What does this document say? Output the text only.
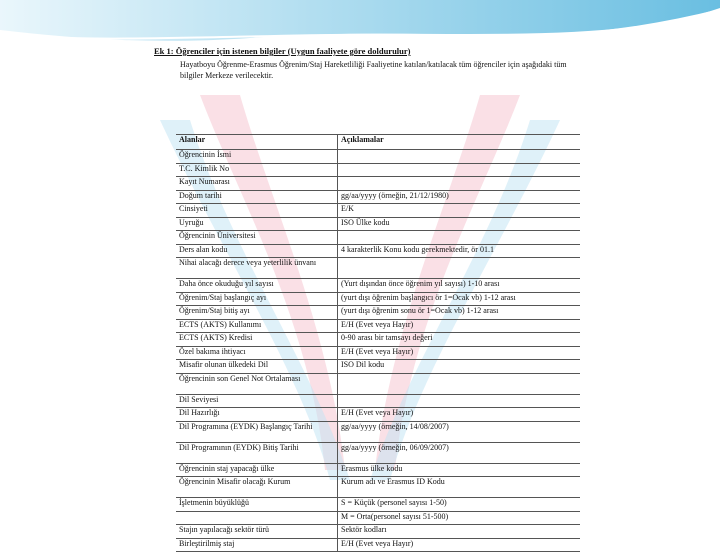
Ek 1: Öğrenciler için istenen bilgiler (Uygun faaliyete göre doldurulur)
Hayatboyu Öğrenme-Erasmus Öğrenim/Staj Hareketliliği Faaliyetine katılan/katılacak tüm öğrenciler için aşağıdaki tüm bilgiler Merkeze verilecektir.
Alanlar	Açıklamalar
Öğrencinin İsmi	
T.C. Kimlik No	
Kayıt Numarası	
Doğum tarihi	gg/aa/yyyy (örneğin, 21/12/1980)
Cinsiyeti	E/K
Uyruğu	ISO Ülke kodu
Öğrencinin Üniversitesi	
Ders alan kodu	4 karakterlik Konu kodu gerekmektedir, ör 01.1
Nihai alacağı derece veya yeterlilik ünvanı	
Daha önce okuduğu yıl sayısı	(Yurt dışından önce öğrenim yıl sayısı) 1-10 arası
Öğrenim/Staj başlangıç ayı	(yurt dışı öğrenim başlangıcı ör 1=Ocak vb) 1-12 arası
Öğrenim/Staj bitiş ayı	(yurt dışı öğrenim sonu ör 1=Ocak vb) 1-12 arası
ECTS (AKTS) Kullanımı	E/H (Evet veya Hayır)
ECTS (AKTS) Kredisi	0-90 arası bir tamsayı değeri
Özel bakıma ihtiyacı	E/H (Evet veya Hayır)
Misafir olunan ülkedeki Dil	ISO Dil kodu
Öğrencinin son Genel Not Ortalaması	
Dil Seviyesi	
Dil Hazırlığı	E/H (Evet veya Hayır)
Dil Programına (EYDK) Başlangıç Tarihi	gg/aa/yyyy (örneğin, 14/08/2007)
Dil Programının (EYDK) Bitiş Tarihi	gg/aa/yyyy (örneğin, 06/09/2007)
Öğrencinin staj yapacağı ülke	Erasmus ülke kodu
Öğrencinin Misafir olacağı Kurum	Kurum adı ve Erasmus ID Kodu
İşletmenin büyüklüğü	S = Küçük (personel sayısı 1-50)
	M = Orta(personel sayısı 51-500)
Stajın yapılacağı sektör türü	Sektör kodları
Birleştirilmiş staj	E/H (Evet veya Hayır)
